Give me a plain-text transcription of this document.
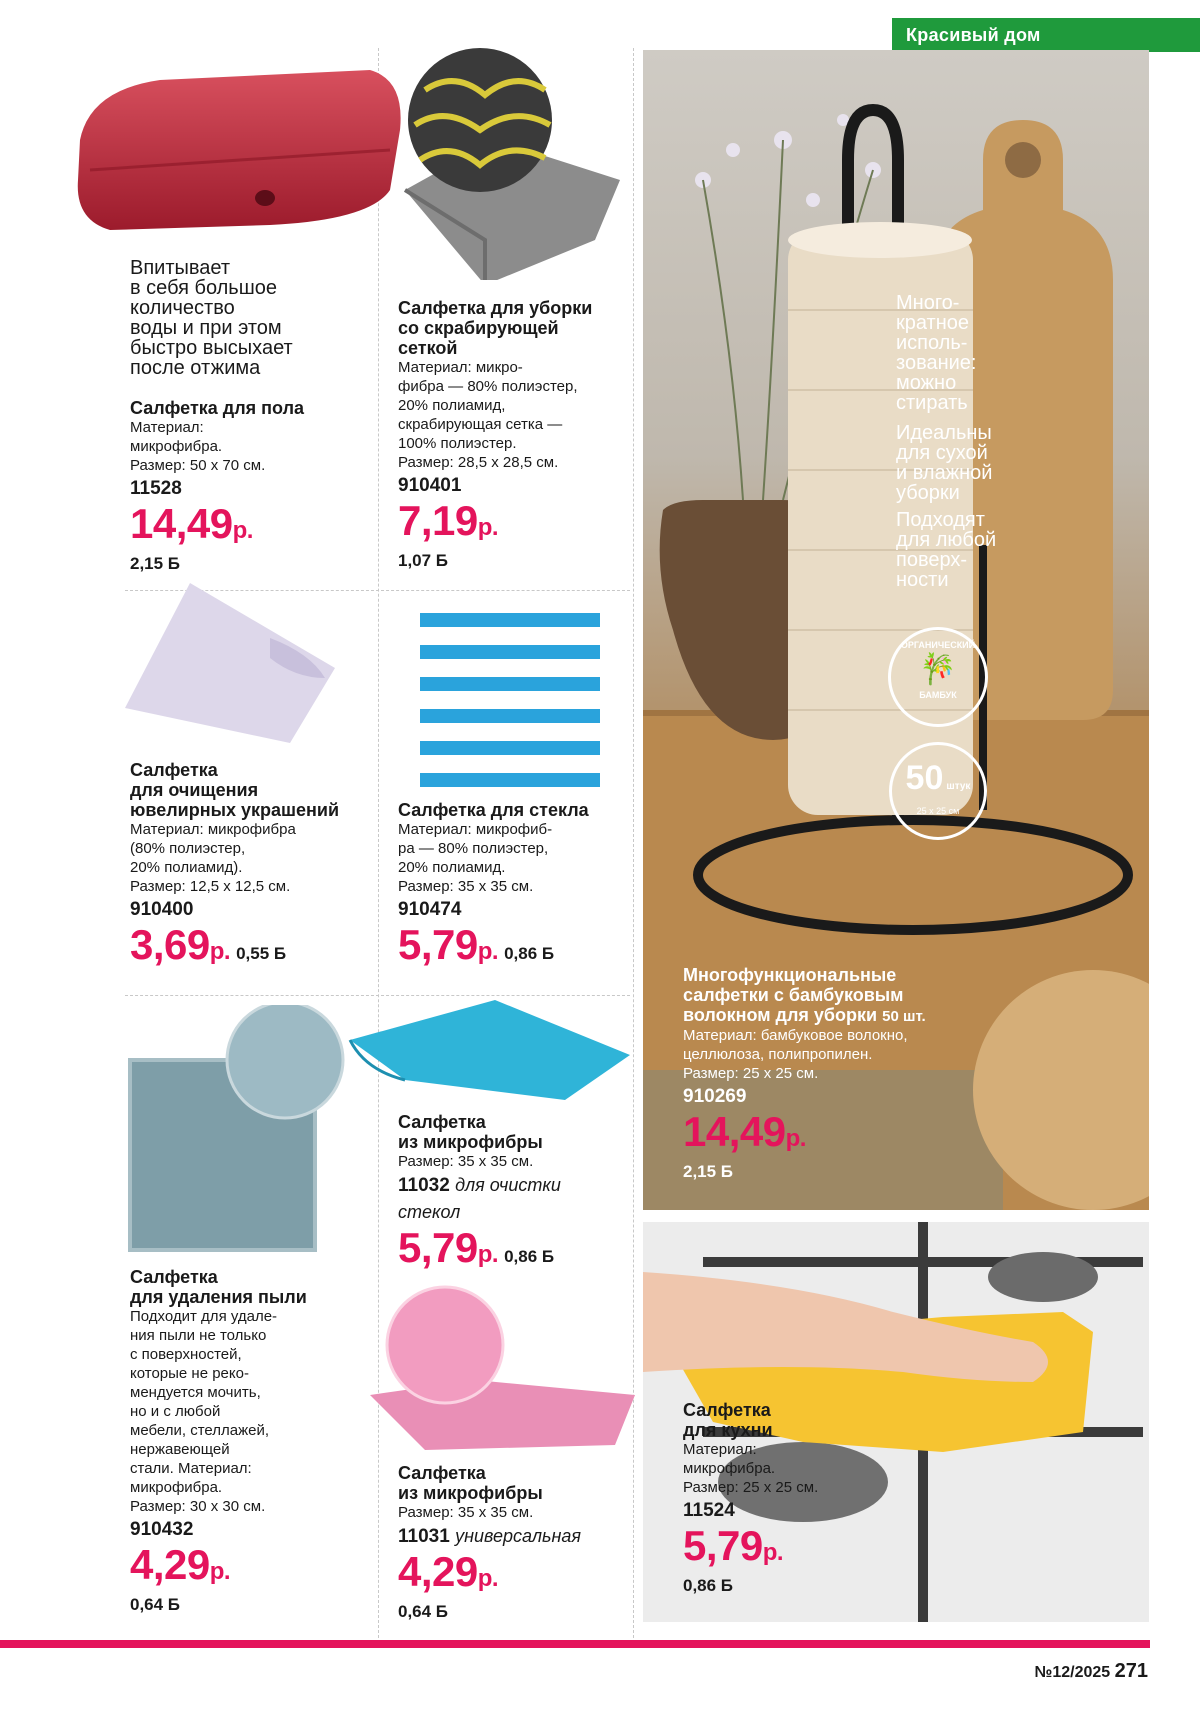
Красивый дом
Впитывает
в себя большое
количество
воды и при этом
быстро высыхает
после отжима
Салфетка для пола
Материал:
микрофибра.
Размер: 50 х 70 см.
11528
14,49р.
2,15 Б
Салфетка для уборки
со скрабирующей
сеткой
Материал: микро-
фибра — 80% полиэстер,
20% полиамид,
скрабирующая сетка —
100% полиэстер.
Размер: 28,5 х 28,5 см.
910401
7,19р.
1,07 Б
Салфетка
для очищения
ювелирных украшений
Материал: микрофибра
(80% полиэстер,
20% полиамид).
Размер: 12,5 х 12,5 см.
910400
3,69р. 0,55 Б
Салфетка для стекла
Материал: микрофиб-
ра — 80% полиэстер,
20% полиамид.
Размер: 35 х 35 см.
910474
5,79р. 0,86 Б
Салфетка
для удаления пыли
Подходит для удале-
ния пыли не только
с поверхностей,
которые не реко-
мендуется мочить,
но и с любой
мебели, стеллажей,
нержавеющей
стали. Материал:
микрофибра.
Размер: 30 х 30 см.
910432
4,29р.
0,64 Б
Салфетка
из микрофибры
Размер: 35 х 35 см.
11032 для очистки
стекол
5,79р. 0,86 Б
Салфетка
из микрофибры
Размер: 35 х 35 см.
11031 универсальная
4,29р.
0,64 Б
Много-
кратное
исполь-
зование:
можно
стирать
Идеальны
для сухой
и влажной
уборки
Подходят
для любой
поверх-
ности
ОРГАНИЧЕСКИЙ
🎋
БАМБУК
50 штук
25 х 25 см
Многофункциональные
салфетки с бамбуковым
волокном для уборки 50 шт.
Материал: бамбуковое волокно,
целлюлоза, полипропилен.
Размер: 25 х 25 см.
910269
14,49р.
2,15 Б
Салфетка
для кухни
Материал:
микрофибра.
Размер: 25 х 25 см.
11524
5,79р.
0,86 Б
№12/2025 271
